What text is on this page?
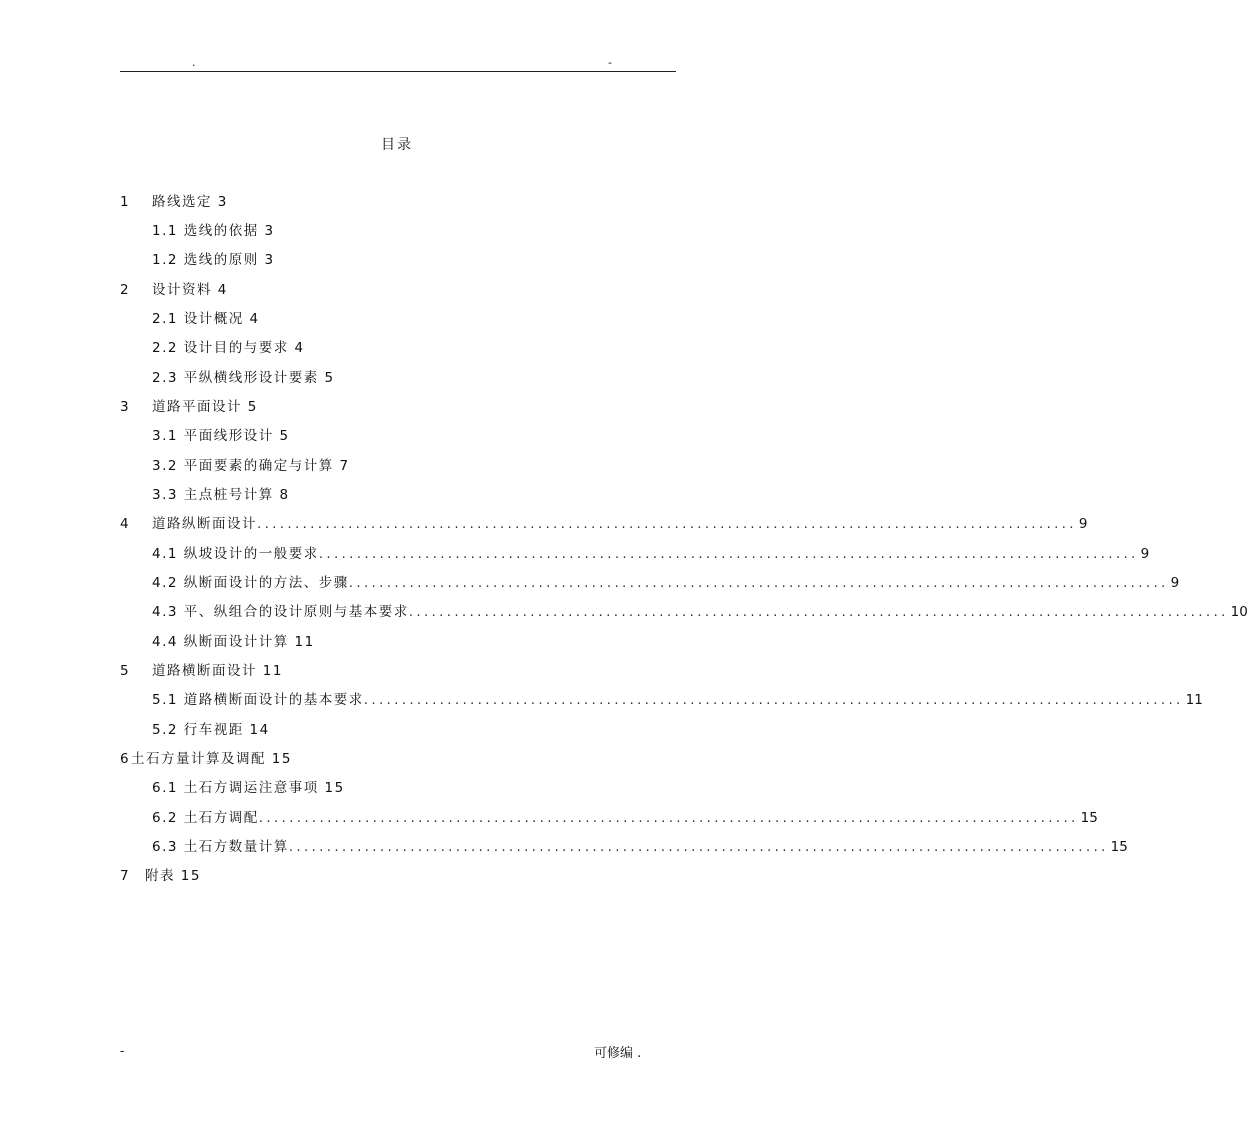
.	-
目录
1 路线选定 3
1.1 选线的依据 3
1.2 选线的原则 3
2 设计资料 4
2.1 设计概况 4
2.2 设计目的与要求 4
2.3 平纵横线形设计要素 5
3 道路平面设计 5
3.1 平面线形设计 5
3.2 平面要素的确定与计算 7
3.3 主点桩号计算 8
4 道路纵断面设计 ............................................................................................................ 9
4.1 纵坡设计的一般要求 ............................................................................................................ 9
4.2 纵断面设计的方法、步骤 ............................................................................................................ 9
4.3 平、纵组合的设计原则与基本要求 ............................................................................................................ 10
4.4 纵断面设计计算 11
5 道路横断面设计 11
5.1 道路横断面设计的基本要求 ............................................................................................................ 11
5.2 行车视距 14
6 土石方量计算及调配 15
6.1 土石方调运注意事项 15
6.2 土石方调配 ............................................................................................................ 15
6.3 土石方数量计算 ............................................................................................................ 15
7 附表 15
-	可修编 .
